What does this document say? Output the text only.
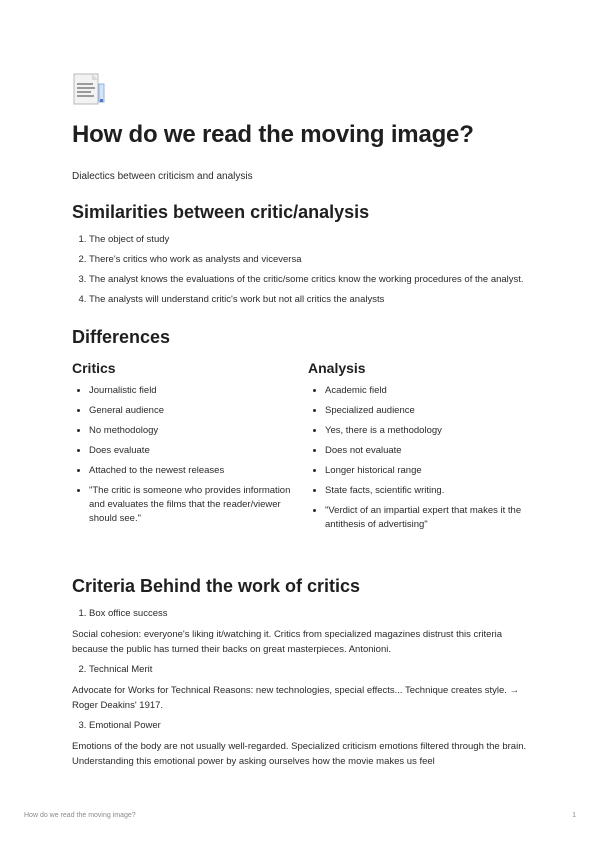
How do we read the moving image?

Dialectics between criticism and analysis

Similarities between critic/analysis
1. The object of study
2. There's critics who work as analysts and viceversa
3. The analyst knows the evaluations of the critic/some critics know the working procedures of the analyst.
4. The analysts will understand critic's work but not all critics the analysts
Differences
Critics
• Journalistic field
• General audience
• No methodology
• Does evaluate
• Attached to the newest releases
• "The critic is someone who provides information and evaluates the films that the reader/viewer should see."
Analysis
• Academic field
• Specialized audience
• Yes, there is a methodology
• Does not evaluate
• Longer historical range
• State facts, scientific writing.
• "Verdict of an impartial expert that makes it the antithesis of advertising"
Criteria Behind the work of critics
1. Box office success

Social cohesion: everyone's liking it/watching it. Critics from specialized magazines distrust this criteria because the public has turned their backs on great masterpieces. Antonioni.

2. Technical Merit

Advocate for Works for Technical Reasons: new technologies, special effects... Technique creates style. → Roger Deakins' 1917.

3. Emotional Power

Emotions of the body are not usually well-regarded. Specialized criticism emotions filtered through the brain. Understanding this emotional power by asking ourselves how the movie makes us feel

How do we read the moving image?	1
